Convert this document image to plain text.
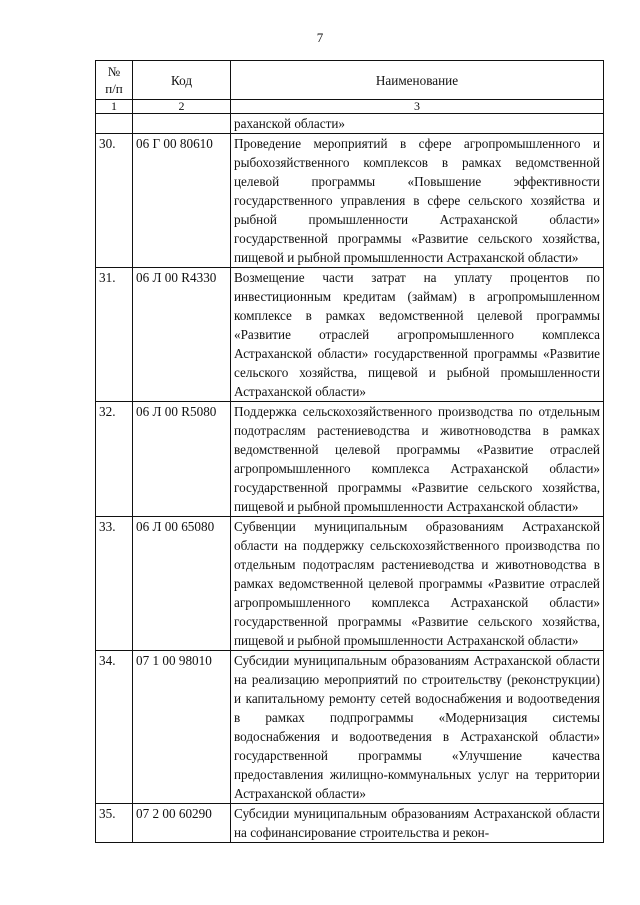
7
№
п/п	Код	Наименование
1	2	3
		раханской области»
30.	06 Г 00 80610	Проведение мероприятий в сфере агропромышленного и рыбохозяйственного комплексов в рамках ведомственной целевой программы «Повышение эффективности государственного управления в сфере сельского хозяйства и рыбной промышленности Астраханской области» государственной программы «Развитие сельского хозяйства, пищевой и рыбной промышленности Астраханской области»
31.	06 Л 00 R4330	Возмещение части затрат на уплату процентов по инвестиционным кредитам (займам) в агропромышленном комплексе в рамках ведомственной целевой программы «Развитие отраслей агропромышленного комплекса Астраханской области» государственной программы «Развитие сельского хозяйства, пищевой и рыбной промышленности Астраханской области»
32.	06 Л 00 R5080	Поддержка сельскохозяйственного производства по отдельным подотраслям растениеводства и животноводства в рамках ведомственной целевой программы «Развитие отраслей агропромышленного комплекса Астраханской области» государственной программы «Развитие сельского хозяйства, пищевой и рыбной промышленности Астраханской области»
33.	06 Л 00 65080	Субвенции муниципальным образованиям Астраханской области на поддержку сельскохозяйственного производства по отдельным подотраслям растениеводства и животноводства в рамках ведомственной целевой программы «Развитие отраслей агропромышленного комплекса Астраханской области» государственной программы «Развитие сельского хозяйства, пищевой и рыбной промышленности Астраханской области»
34.	07 1 00 98010	Субсидии муниципальным образованиям Астраханской области на реализацию мероприятий по строительству (реконструкции) и капитальному ремонту сетей водоснабжения и водоотведения в рамках подпрограммы «Модернизация системы водоснабжения и водоотведения в Астраханской области» государственной программы «Улучшение качества предоставления жилищно-коммунальных услуг на территории Астраханской области»
35.	07 2 00 60290	Субсидии муниципальным образованиям Астраханской области на софинансирование строительства и рекон-
